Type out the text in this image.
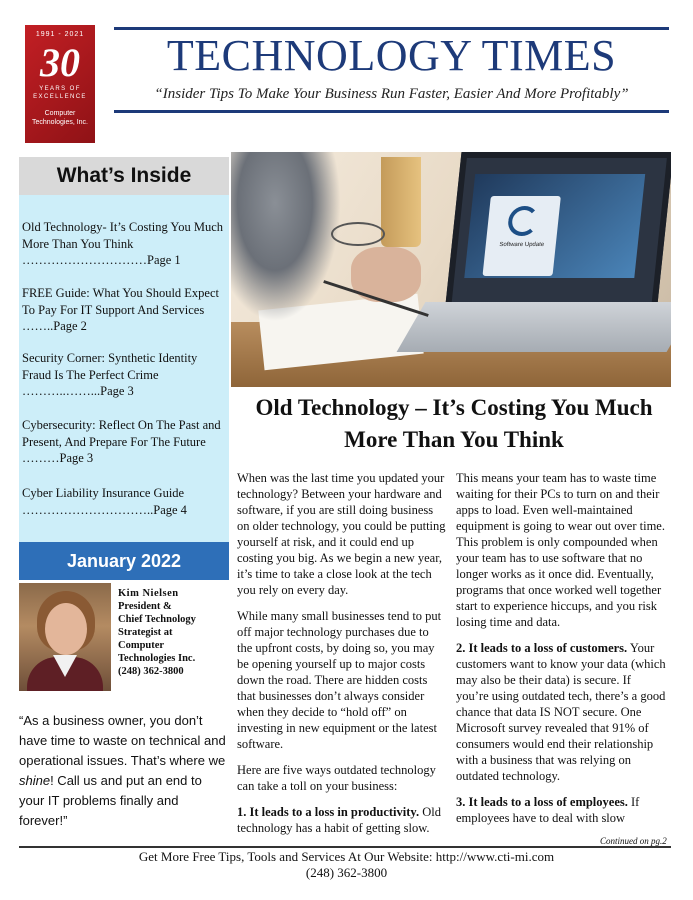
1991 - 2021
30
YEARS OF
EXCELLENCE
Computer
Technologies, Inc.
TECHNOLOGY TIMES
“Insider Tips To Make Your Business Run Faster, Easier And More Profitably”
What’s Inside
Old Technology- It’s Costing You Much More Than You Think …………………………Page 1
FREE Guide: What You Should Expect To Pay For IT Support And Services ……..Page 2
Security Corner: Synthetic Identity Fraud Is The Perfect Crime ………..……...Page 3
Cybersecurity: Reflect On The Past and Present, And Prepare For The Future ………Page 3
Cyber Liability Insurance Guide …………………………..Page 4
January 2022
Kim Nielsen
President &
Chief Technology
Strategist at
Computer
Technologies Inc.
(248) 362-3800
“As a business owner, you don’t have time to waste on technical and operational issues. That’s where we shine! Call us and put an end to your IT problems finally and forever!”
Software Update
Old Technology – It’s Costing You Much More Than You Think

When was the last time you updated your technology? Between your hardware and software, if you are still doing business on older technology, you could be putting yourself at risk, and it could end up costing you big. As we begin a new year, it’s time to take a close look at the tech you rely on every day.

While many small businesses tend to put off major technology purchases due to the upfront costs, by doing so, you may be opening yourself up to major costs down the road. There are hidden costs that businesses don’t always consider when they decide to “hold off” on investing in new equipment or the latest software.

Here are five ways outdated technology can take a toll on your business:

1. It leads to a loss in productivity. Old technology has a habit of getting slow.

This means your team has to waste time waiting for their PCs to turn on and their apps to load. Even well-maintained equipment is going to wear out over time. This problem is only compounded when your team has to use software that no longer works as it once did. Eventually, programs that once worked well together start to experience hiccups, and you risk losing time and data.

2. It leads to a loss of customers. Your customers want to know your data (which may also be their data) is secure. If you’re using outdated tech, there’s a good chance that data IS NOT secure. One Microsoft survey revealed that 91% of consumers would end their relationship with a business that was relying on outdated technology.

3. It leads to a loss of employees. If employees have to deal with slow

Continued on pg.2
Get More Free Tips, Tools and Services At Our Website: http://www.cti-mi.com
(248) 362-3800
